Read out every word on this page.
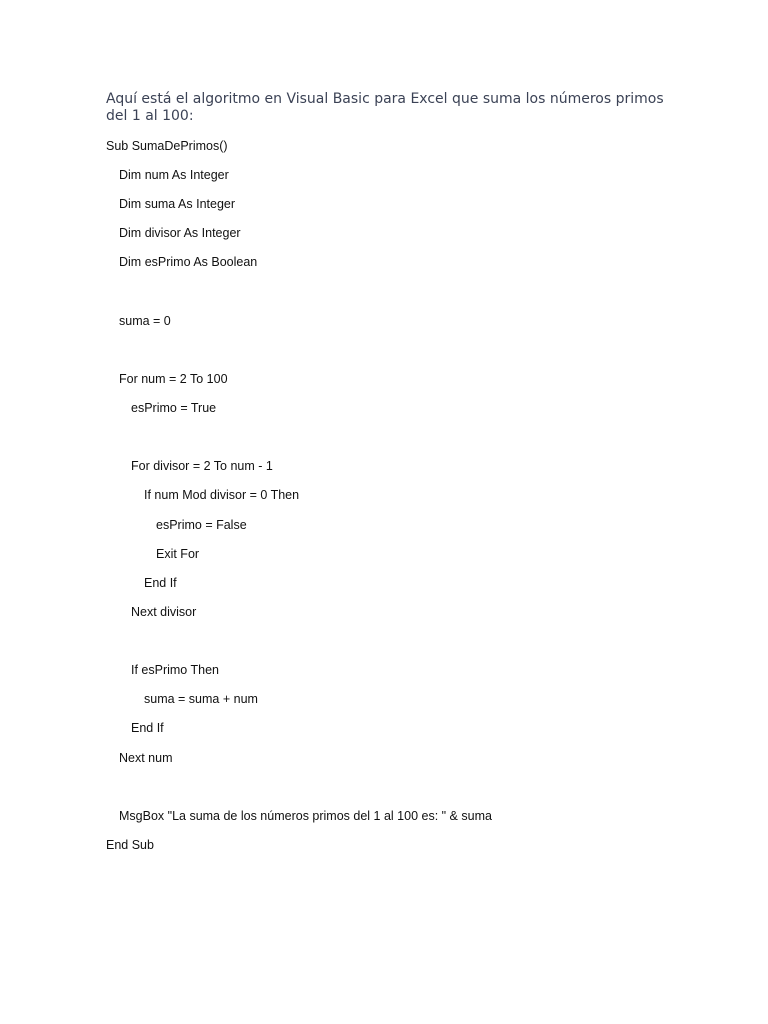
Aquí está el algoritmo en Visual Basic para Excel que suma los números primos del 1 al 100:
Sub SumaDePrimos()
Dim num As Integer
Dim suma As Integer
Dim divisor As Integer
Dim esPrimo As Boolean
suma = 0
For num = 2 To 100
esPrimo = True
For divisor = 2 To num - 1
If num Mod divisor = 0 Then
esPrimo = False
Exit For
End If
Next divisor
If esPrimo Then
suma = suma + num
End If
Next num
MsgBox "La suma de los números primos del 1 al 100 es: " & suma
End Sub
